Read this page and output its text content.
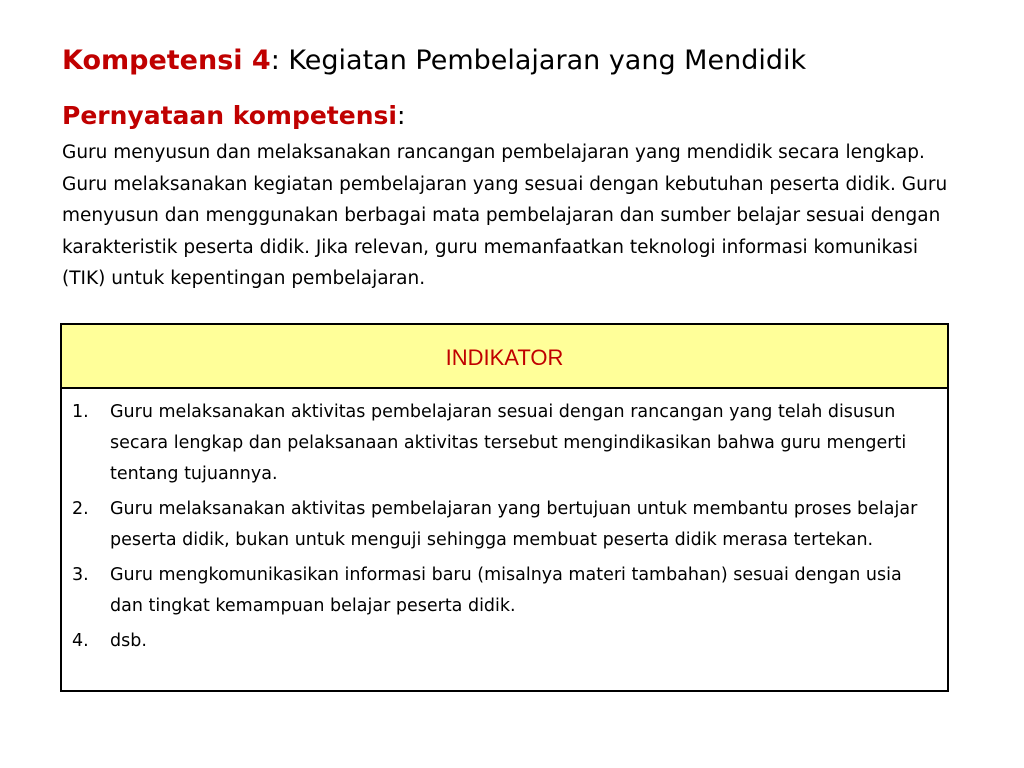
Kompetensi 4: Kegiatan Pembelajaran yang Mendidik
Pernyataan kompetensi:

Guru menyusun dan melaksanakan rancangan pembelajaran yang mendidik secara lengkap. Guru melaksanakan kegiatan pembelajaran yang sesuai dengan kebutuhan peserta didik. Guru menyusun dan menggunakan berbagai mata pembelajaran dan sumber belajar sesuai dengan karakteristik peserta didik. Jika relevan, guru memanfaatkan teknologi informasi komunikasi (TIK) untuk kepentingan pembelajaran.

INDIKATOR
1.	Guru melaksanakan aktivitas pembelajaran sesuai dengan rancangan yang telah disusun secara lengkap dan pelaksanaan aktivitas tersebut mengindikasikan bahwa guru mengerti tentang tujuannya.
2.	Guru melaksanakan aktivitas pembelajaran yang bertujuan untuk membantu proses belajar peserta didik, bukan untuk menguji sehingga membuat peserta didik merasa tertekan.
3.	Guru mengkomunikasikan informasi baru (misalnya materi tambahan) sesuai dengan usia dan tingkat kemampuan belajar peserta didik.
4.	dsb.
